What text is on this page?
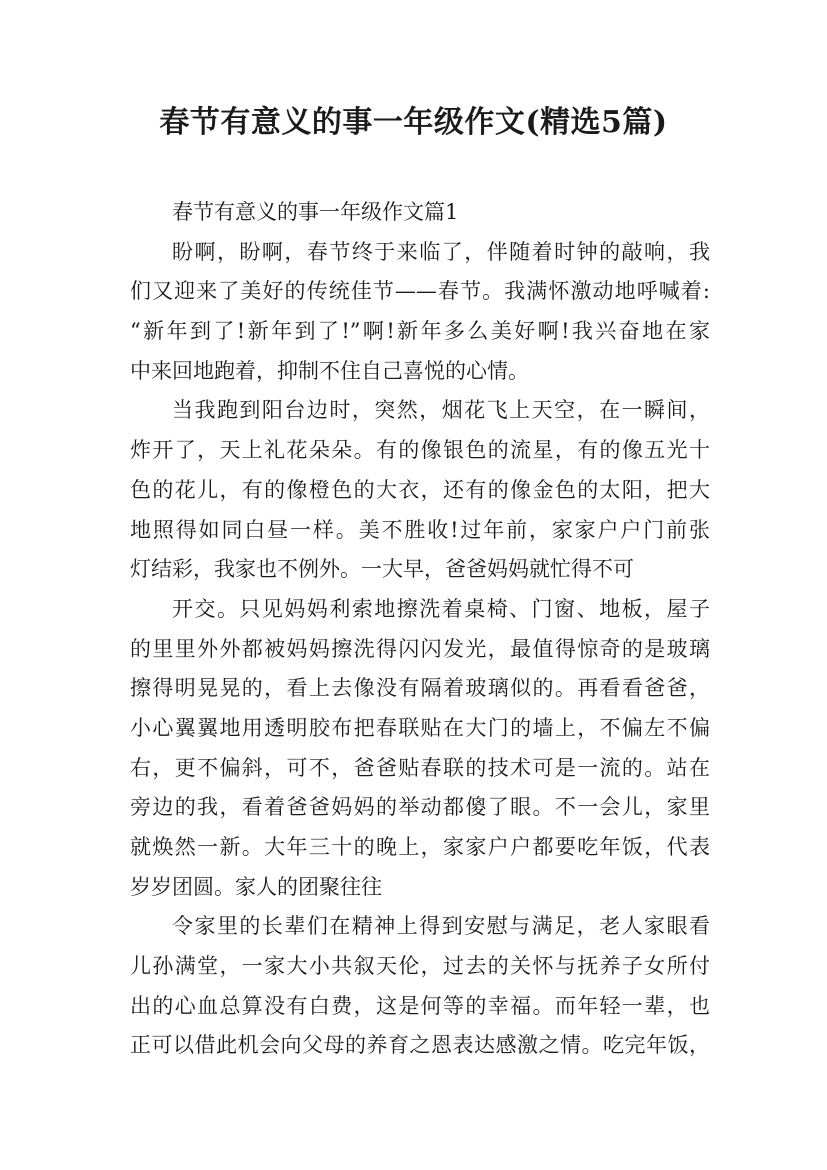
春节有意义的事一年级作文(精选5篇)
春节有意义的事一年级作文篇1
盼啊，盼啊，春节终于来临了，伴随着时钟的敲响，我
们又迎来了美好的传统佳节——春节。我满怀激动地呼喊着:
“新年到了!新年到了!”啊!新年多么美好啊!我兴奋地在家
中来回地跑着，抑制不住自己喜悦的心情。
当我跑到阳台边时，突然，烟花飞上天空，在一瞬间，
炸开了，天上礼花朵朵。有的像银色的流星，有的像五光十
色的花儿，有的像橙色的大衣，还有的像金色的太阳，把大
地照得如同白昼一样。美不胜收!过年前，家家户户门前张
灯结彩，我家也不例外。一大早，爸爸妈妈就忙得不可
开交。只见妈妈利索地擦洗着桌椅、门窗、地板，屋子
的里里外外都被妈妈擦洗得闪闪发光，最值得惊奇的是玻璃
擦得明晃晃的，看上去像没有隔着玻璃似的。再看看爸爸，
小心翼翼地用透明胶布把春联贴在大门的墙上，不偏左不偏
右，更不偏斜，可不，爸爸贴春联的技术可是一流的。站在
旁边的我，看着爸爸妈妈的举动都傻了眼。不一会儿，家里
就焕然一新。大年三十的晚上，家家户户都要吃年饭，代表
岁岁团圆。家人的团聚往往
令家里的长辈们在精神上得到安慰与满足，老人家眼看
儿孙满堂，一家大小共叙天伦，过去的关怀与抚养子女所付
出的心血总算没有白费，这是何等的幸福。而年轻一辈，也
正可以借此机会向父母的养育之恩表达感激之情。吃完年饭，
